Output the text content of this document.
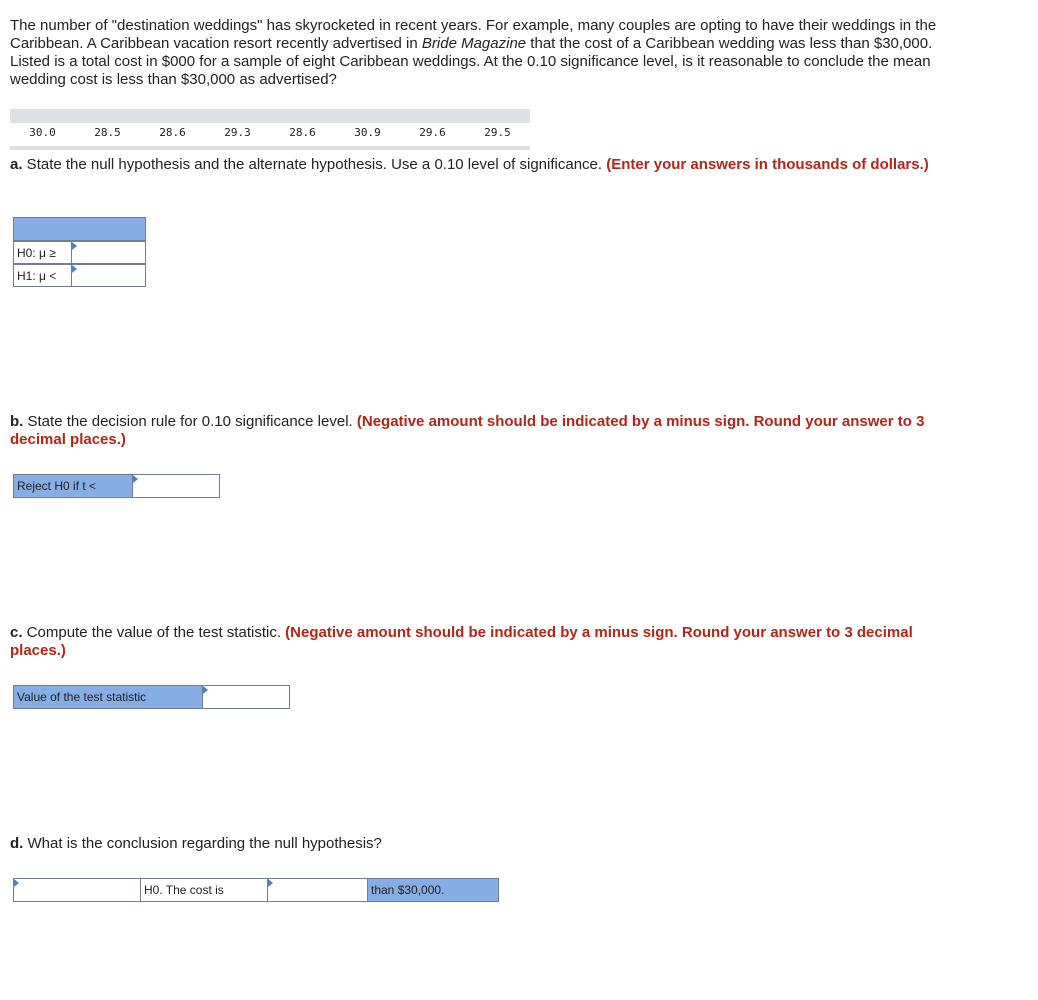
The number of "destination weddings" has skyrocketed in recent years. For example, many couples are opting to have their weddings in the Caribbean. A Caribbean vacation resort recently advertised in Bride Magazine that the cost of a Caribbean wedding was less than $30,000. Listed is a total cost in $000 for a sample of eight Caribbean weddings. At the 0.10 significance level, is it reasonable to conclude the mean wedding cost is less than $30,000 as advertised?

30.0	28.5	28.6	29.3	28.6	30.9	29.6	29.5

a. State the null hypothesis and the alternate hypothesis. Use a 0.10 level of significance. (Enter your answers in thousands of dollars.)

H0: μ ≥
H1: μ <

b. State the decision rule for 0.10 significance level. (Negative amount should be indicated by a minus sign. Round your answer to 3 decimal places.)

Reject H0 if t <

c. Compute the value of the test statistic. (Negative amount should be indicated by a minus sign. Round your answer to 3 decimal places.)

Value of the test statistic

d. What is the conclusion regarding the null hypothesis?

H0. The cost is	than $30,000.
